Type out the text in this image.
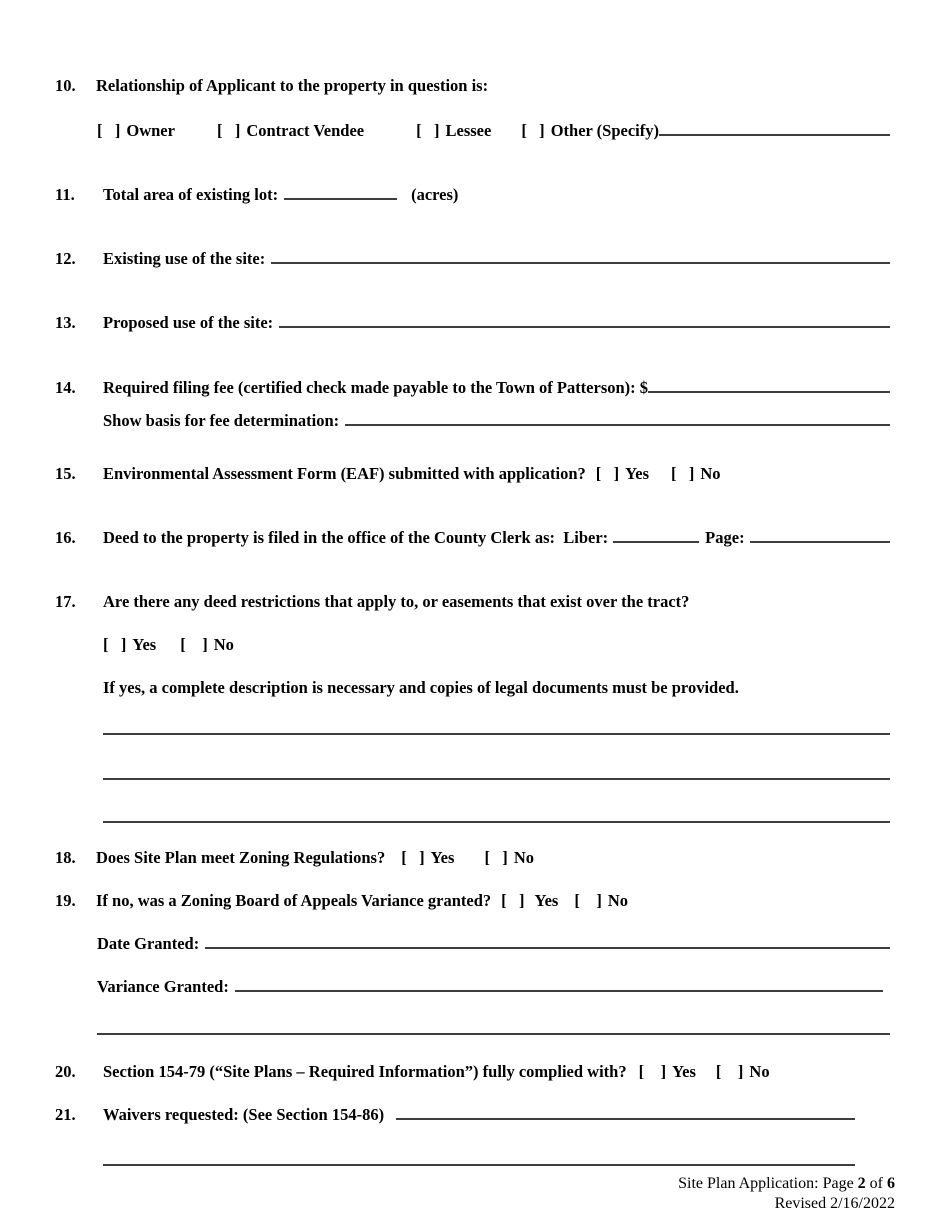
10.	Relationship of Applicant to the property in question is:
[   ] Owner	[   ] Contract Vendee	[   ] Lessee [   ] Other (Specify)
11.	Total area of existing lot:	(acres)
12.	Existing use of the site:
13.	Proposed use of the site:
14.	Required filing fee (certified check made payable to the Town of Patterson): $
Show basis for fee determination:
15.	Environmental Assessment Form (EAF) submitted with application? [   ] Yes [   ] No
16.	Deed to the property is filed in the office of the County Clerk as:  Liber:	Page:
17.	Are there any deed restrictions that apply to, or easements that exist over the tract?
[   ] Yes [    ] No
If yes, a complete description is necessary and copies of legal documents must be provided.
18.	Does Site Plan meet Zoning Regulations? [   ] Yes [   ] No
19.	If no, was a Zoning Board of Appeals Variance granted? [   ] Yes [    ] No
Date Granted:
Variance Granted:
20.	Section 154-79 (“Site Plans – Required Information”) fully complied with? [    ] Yes [    ] No
21.	Waivers requested: (See Section 154-86)
Site Plan Application: Page 2 of 6
Revised 2/16/2022
